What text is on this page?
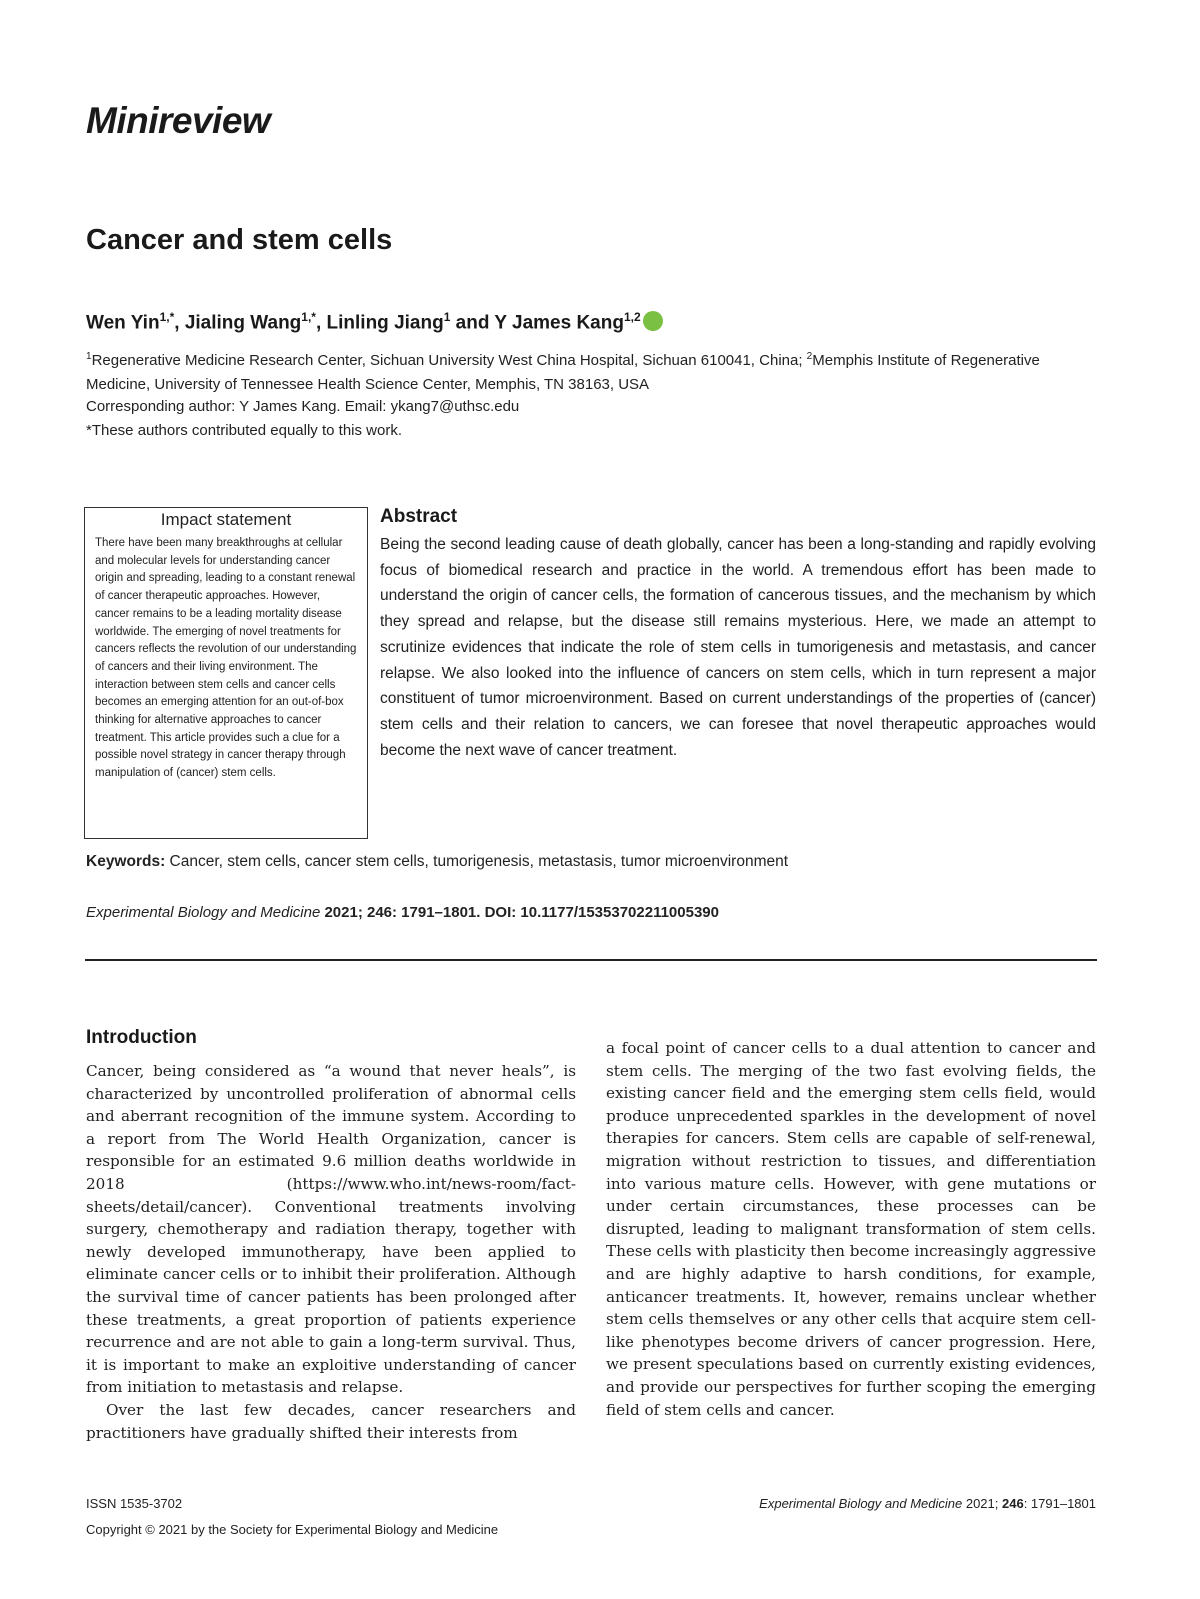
Minireview
Cancer and stem cells
Wen Yin$^{1,*}$, Jialing Wang$^{1,*}$, Linling Jiang$^1$ and Y James Kang$^{1,2}$
$^1$Regenerative Medicine Research Center, Sichuan University West China Hospital, Sichuan 610041, China; $^2$Memphis Institute of Regenerative Medicine, University of Tennessee Health Science Center, Memphis, TN 38163, USA
Corresponding author: Y James Kang. Email: ykang7@uthsc.edu
*These authors contributed equally to this work.
Impact statement
There have been many breakthroughs at cellular and molecular levels for understanding cancer origin and spreading, leading to a constant renewal of cancer therapeutic approaches. However, cancer remains to be a leading mortality disease worldwide. The emerging of novel treatments for cancers reflects the revolution of our understanding of cancers and their living environment. The interaction between stem cells and cancer cells becomes an emerging attention for an out-of-box thinking for alternative approaches to cancer treatment. This article provides such a clue for a possible novel strategy in cancer therapy through manipulation of (cancer) stem cells.
Abstract
Being the second leading cause of death globally, cancer has been a long-standing and rapidly evolving focus of biomedical research and practice in the world. A tremendous effort has been made to understand the origin of cancer cells, the formation of cancerous tissues, and the mechanism by which they spread and relapse, but the disease still remains mysterious. Here, we made an attempt to scrutinize evidences that indicate the role of stem cells in tumorigenesis and metastasis, and cancer relapse. We also looked into the influence of cancers on stem cells, which in turn represent a major constituent of tumor microenvironment. Based on current understandings of the properties of (cancer) stem cells and their relation to cancers, we can foresee that novel therapeutic approaches would become the next wave of cancer treatment.
Keywords: Cancer, stem cells, cancer stem cells, tumorigenesis, metastasis, tumor microenvironment
Experimental Biology and Medicine 2021; 246: 1791–1801. DOI: 10.1177/15353702211005390
Introduction

Cancer, being considered as “a wound that never heals”, is characterized by uncontrolled proliferation of abnormal cells and aberrant recognition of the immune system. According to a report from The World Health Organization, cancer is responsible for an estimated 9.6 million deaths worldwide in 2018 (https://www.who.int/news-room/fact-sheets/detail/cancer). Conventional treatments involving surgery, chemotherapy and radiation therapy, together with newly developed immunotherapy, have been applied to eliminate cancer cells or to inhibit their proliferation. Although the survival time of cancer patients has been prolonged after these treatments, a great proportion of patients experience recurrence and are not able to gain a long-term survival. Thus, it is important to make an exploitive understanding of cancer from initiation to metastasis and relapse.

Over the last few decades, cancer researchers and practitioners have gradually shifted their interests from

a focal point of cancer cells to a dual attention to cancer and stem cells. The merging of the two fast evolving fields, the existing cancer field and the emerging stem cells field, would produce unprecedented sparkles in the development of novel therapies for cancers. Stem cells are capable of self-renewal, migration without restriction to tissues, and differentiation into various mature cells. However, with gene mutations or under certain circumstances, these processes can be disrupted, leading to malignant transformation of stem cells. These cells with plasticity then become increasingly aggressive and are highly adaptive to harsh conditions, for example, anticancer treatments. It, however, remains unclear whether stem cells themselves or any other cells that acquire stem cell-like phenotypes become drivers of cancer progression. Here, we present speculations based on currently existing evidences, and provide our perspectives for further scoping the emerging field of stem cells and cancer.

ISSN 1535-3702
Copyright © 2021 by the Society for Experimental Biology and Medicine
Experimental Biology and Medicine 2021; 246: 1791–1801
